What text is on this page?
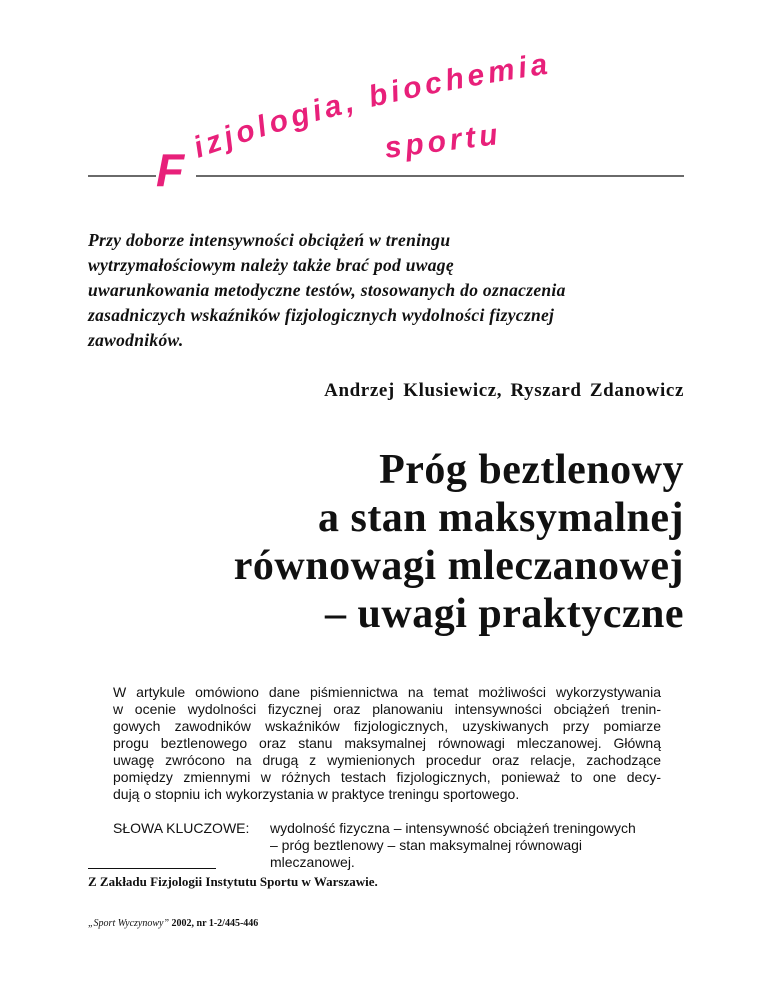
F izjologia, biochemia
sportu
Przy doborze intensywności obciążeń w treningu
wytrzymałościowym należy także brać pod uwagę
uwarunkowania metodyczne testów, stosowanych do oznaczenia
zasadniczych wskaźników fizjologicznych wydolności fizycznej
zawodników.
Andrzej Klusiewicz, Ryszard Zdanowicz
Próg beztlenowy
a stan maksymalnej
równowagi mleczanowej
– uwagi praktyczne
W artykule omówiono dane piśmiennictwa na temat możliwości wykorzystywania
w ocenie wydolności fizycznej oraz planowaniu intensywności obciążeń trenin-
gowych zawodników wskaźników fizjologicznych, uzyskiwanych przy pomiarze
progu beztlenowego oraz stanu maksymalnej równowagi mleczanowej. Główną
uwagę zwrócono na drugą z wymienionych procedur oraz relacje, zachodzące
pomiędzy zmiennymi w różnych testach fizjologicznych, ponieważ to one decy-
dują o stopniu ich wykorzystania w praktyce treningu sportowego.
SŁOWA KLUCZOWE: wydolność fizyczna – intensywność obciążeń treningowych
– próg beztlenowy – stan maksymalnej równowagi
mleczanowej.
Z Zakładu Fizjologii Instytutu Sportu w Warszawie.
„Sport Wyczynowy” 2002, nr 1-2/445-446
